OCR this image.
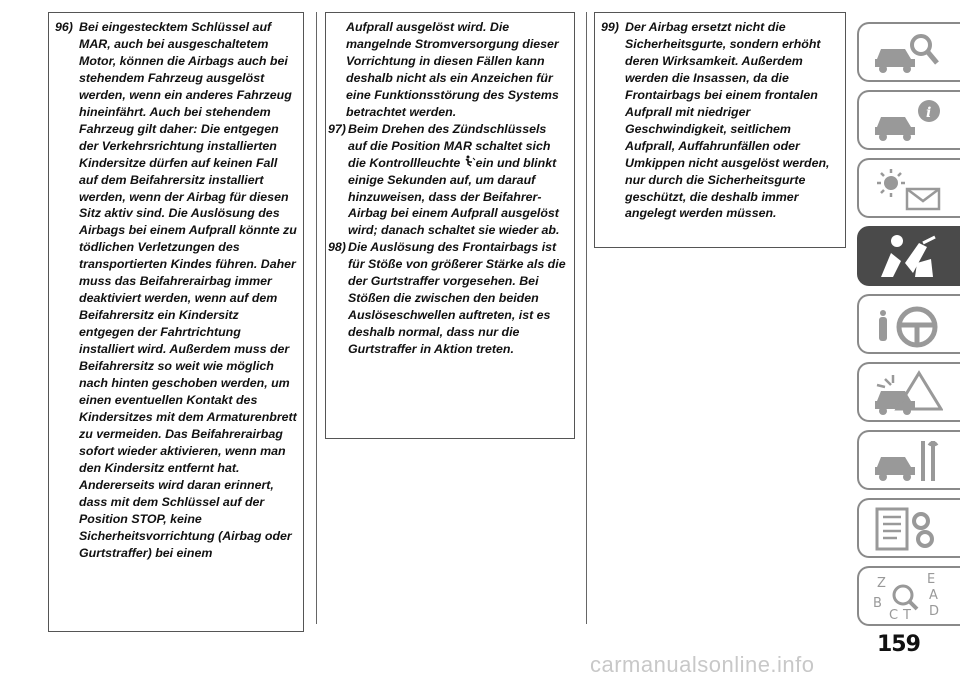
96) Bei eingestecktem Schlüssel auf MAR, auch bei ausgeschaltetem Motor, können die Airbags auch bei stehendem Fahrzeug ausgelöst werden, wenn ein anderes Fahrzeug hineinfährt. Auch bei stehendem Fahrzeug gilt daher: Die entgegen der Verkehrsrichtung installierten Kindersitze dürfen auf keinen Fall auf dem Beifahrersitz installiert werden, wenn der Airbag für diesen Sitz aktiv sind. Die Auslösung des Airbags bei einem Aufprall könnte zu tödlichen Verletzungen des transportierten Kindes führen. Daher muss das Beifahrerairbag immer deaktiviert werden, wenn auf dem Beifahrersitz ein Kindersitz entgegen der Fahrtrichtung installiert wird. Außerdem muss der Beifahrersitz so weit wie möglich nach hinten geschoben werden, um einen eventuellen Kontakt des Kindersitzes mit dem Armaturenbrett zu vermeiden. Das Beifahrerairbag sofort wieder aktivieren, wenn man den Kindersitz entfernt hat. Andererseits wird daran erinnert, dass mit dem Schlüssel auf der Position STOP, keine Sicherheitsvorrichtung (Airbag oder Gurtstraffer) bei einem

Aufprall ausgelöst wird. Die mangelnde Stromversorgung dieser Vorrichtung in diesen Fällen kann deshalb nicht als ein Anzeichen für eine Funktionsstörung des Systems betrachtet werden.

97) Beim Drehen des Zündschlüssels auf die Position MAR schaltet sich die Kontrollleuchte ein und blinkt einige Sekunden auf, um darauf hinzuweisen, dass der Beifahrer-Airbag bei einem Aufprall ausgelöst wird; danach schaltet sie wieder ab.

98) Die Auslösung des Frontairbags ist für Stöße von größerer Stärke als die der Gurtstraffer vorgesehen. Bei Stößen die zwischen den beiden Auslöseschwellen auftreten, ist es deshalb normal, dass nur die Gurtstraffer in Aktion treten.

99) Der Airbag ersetzt nicht die Sicherheitsgurte, sondern erhöht deren Wirksamkeit. Außerdem werden die Insassen, da die Frontairbags bei einem frontalen Aufprall mit niedriger Geschwindigkeit, seitlichem Aufprall, Auffahrunfällen oder Umkippen nicht ausgelöst werden, nur durch die Sicherheitsgurte geschützt, die deshalb immer angelegt werden müssen.

i
Z	E
A
B
C T D
159
carmanualsonline.info
